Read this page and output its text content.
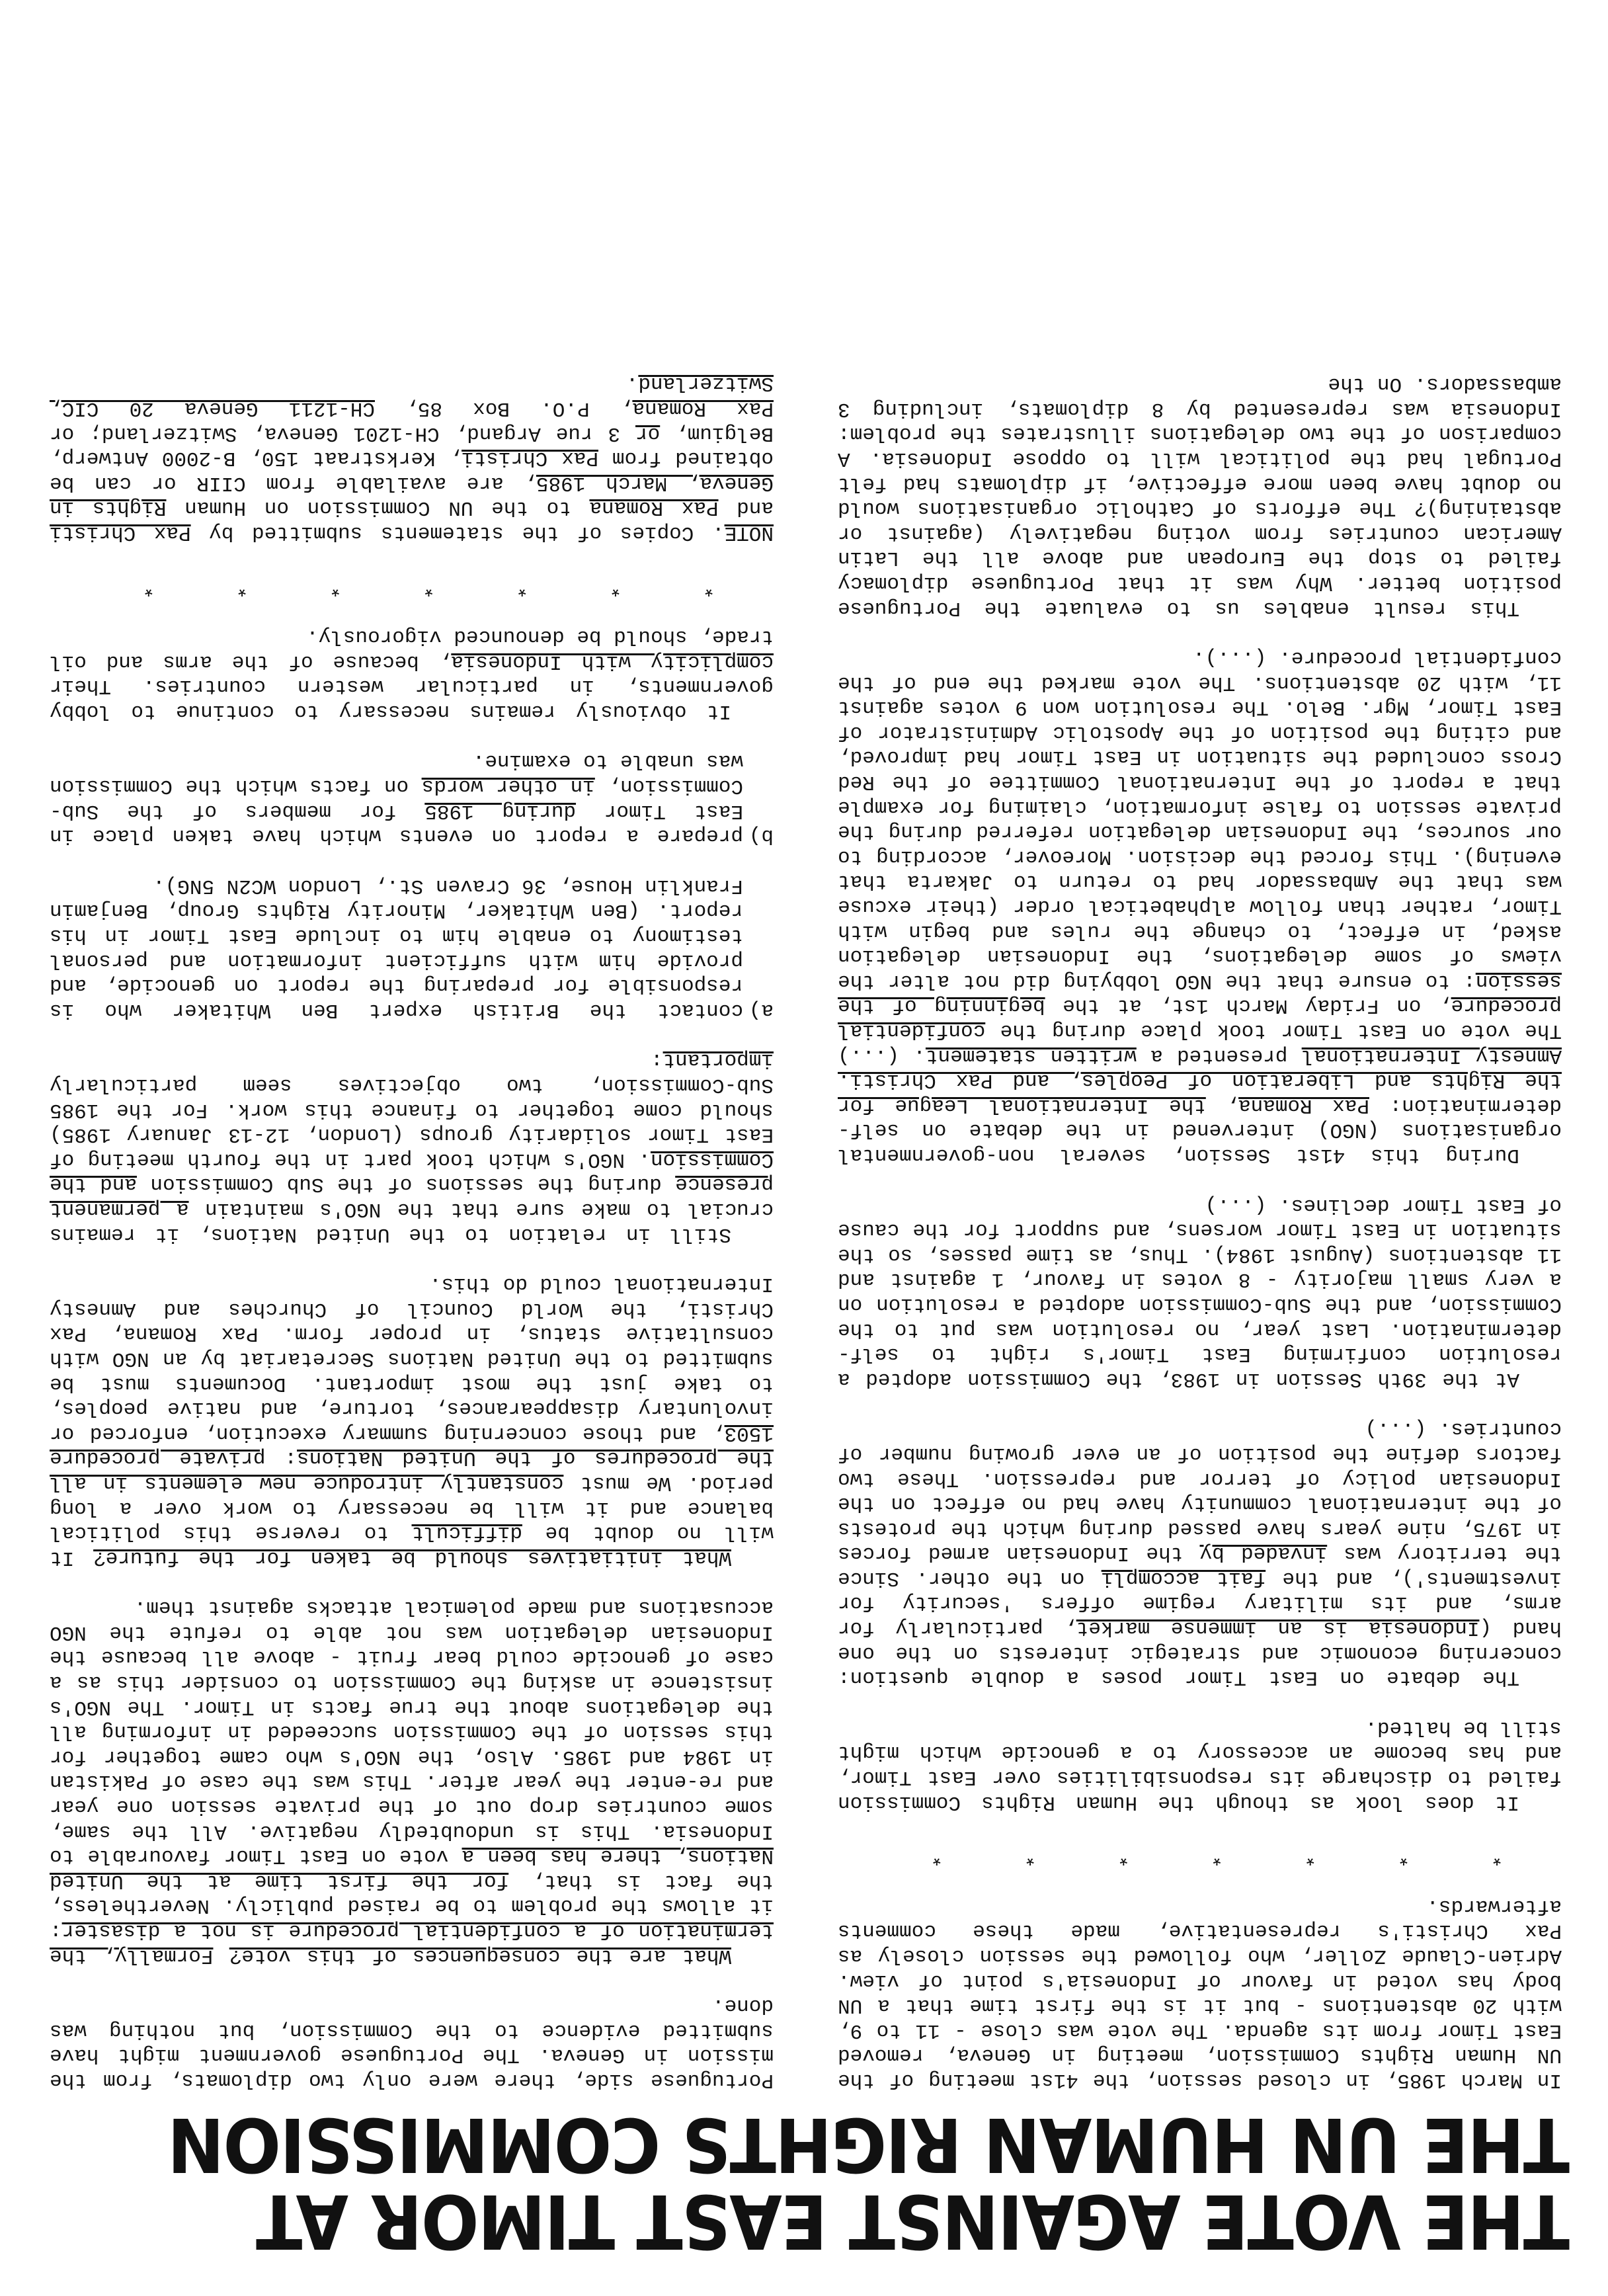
THE VOTE AGAINST EAST TIMOR AT
THE UN HUMAN RIGHTS COMMISSION

In March 1985, in closed session, the 41st meeting of the UN Human Rights Commission, meeting in Geneva, removed East Timor from its agenda. The vote was close - 11 to 9, with 20 abstentions - but it is the first time that a UN body has voted in favour of Indonesia's point of view. Adrien-Claude Zoller, who followed the session closely as Pax Christi's representative, made these comments afterwards.

* * * * * * *

It does look as though the Human Rights Commission failed to discharge its responsibilities over East Timor, and has become an accessory to a genocide which might still be halted.

The debate on East Timor poses a double question: concerning economic and strategic interests on the one hand (Indonesia is an immense market, particularly for arms, and its military regime offers 'security for investments'), and the fait accompli on the other. Since the territory was invaded by the Indonesian armed forces in 1975, nine years have passed during which the protests of the international community have had no effect on the Indonesian policy of terror and repression. These two factors define the position of an ever growing number of countries. (...)

At the 39th Session in 1983, the Commission adopted a resolution confirming East Timor's right to self-determination. Last year, no resolution was put to the Commission, and the Sub-Commission adopted a resolution on a very small majority - 8 votes in favour, 1 against and 11 abstentions (August 1984). Thus, as time passes, so the situation in East Timor worsens, and support for the cause of East Timor declines. (...)

During this 41st Session, several non-governmental organisations (NGO) intervened in the debate on self-determination: Pax Romana, the International League for the Rights and Liberation of Peoples, and Pax Christi. Amnesty International presented a written statement. (...) The vote on East Timor took place during the confidential procedure, on Friday March 1st, at the beginning of the session: to ensure that the NGO lobbying did not alter the views of some delegations, the Indonesian delegation asked, in effect, to change the rules and begin with Timor, rather than follow alphabetical order (their excuse was that the Ambassador had to return to Jakarta that evening). This forced the decision. Moreover, according to our sources, the Indonesian delegation referred during the private session to false information, claiming for example that a report of the International Committee of the Red Cross concluded the situation in East Timor had improved, and citing the position of the Apostolic Administrator of East Timor, Mgr. Belo. The resolution won 9 votes against 11, with 20 abstentions. The vote marked the end of the confidential procedure. (...).

This result enables us to evaluate the Portuguese position better. Why was it that Portuguese diplomacy failed to stop the European and above all the Latin American countries from voting negatively (against or abstaining)? The efforts of Catholic organisations would no doubt have been more effective, if diplomats had felt Portugal had the political will to oppose Indonesia. A comparison of the two delegations illustrates the problem: Indonesia was represented by 8 diplomats, including 3 ambassadors. On the

Portuguese side, there were only two diplomats, from the mission in Geneva. The Portuguese government might have submitted evidence to the Commission, but nothing was done.

What are the consequences of this vote? Formally, the termination of a confidential procedure is not a disaster: it allows the problem to be raised publicly. Nevertheless, the fact is that, for the first time at the United Nations, there has been a vote on East Timor favourable to Indonesia. This is undoubtedly negative. All the same, some countries drop out of the private session one year and re-enter the year after. This was the case of Pakistan in 1984 and 1985. Also, the NGO's who came together for this session of the Commission succeeded in informing all the delegations about the true facts in Timor. The NGO's insistence in asking the Commission to consider this as a case of genocide could bear fruit - above all because the Indonesian delegation was not able to refute the NGO accusations and made polemical attacks against them.

What initiatives should be taken for the future? It will no doubt be difficult to reverse this political balance and it will be necessary to work over a long period. We must constantly introduce new elements in all the procedures of the United Nations: private procedure 1503, and those concerning summary execution, enforced or involuntary disappearances, torture, and native peoples, to take just the most important. Documents must be submitted to the United Nations Secretariat by an NGO with consultative status, in proper form. Pax Romana, Pax Christi, the World Council of Churches and Amnesty International could do this.

Still in relation to the United Nations, it remains crucial to make sure that the NGO's maintain a permanent presence during the sessions of the Sub Commission and the Commission. NGO's which took part in the fourth meeting of East Timor solidarity groups (London, 12-13 January 1985) should come together to finance this work. For the 1985 Sub-Commission, two objectives seem particularly important:

a)
contact the British expert Ben Whitaker who is responsible for preparing the report on genocide, and provide him with sufficient information and personal testimony to enable him to include East Timor in his report. (Ben Whitaker, Minority Rights Group, Benjamin Franklin House, 36 Craven St., London WC2N 5NG).

b)
prepare a report on events which have taken place in East Timor during 1985 for members of the Sub-Commission, in other words on facts which the Commission was unable to examine.

It obviously remains necessary to continue to lobby governments, in particular western countries. Their complicity with Indonesia, because of the arms and oil trade, should be denounced vigorously.

* * * * * * *

NOTE. Copies of the statements submitted by Pax Christi and Pax Romana to the UN Commission on Human Rights in Geneva, March 1985, are available from CIIR or can be obtained from Pax Christi, Kerkstraat 150, B-2000 Antwerp, Belgium, or 3 rue Argand, CH-1201 Geneva, Switzerland; or Pax Romana, P.O. Box 85, CH-1211 Geneva 20 CIC, Switzerland.
